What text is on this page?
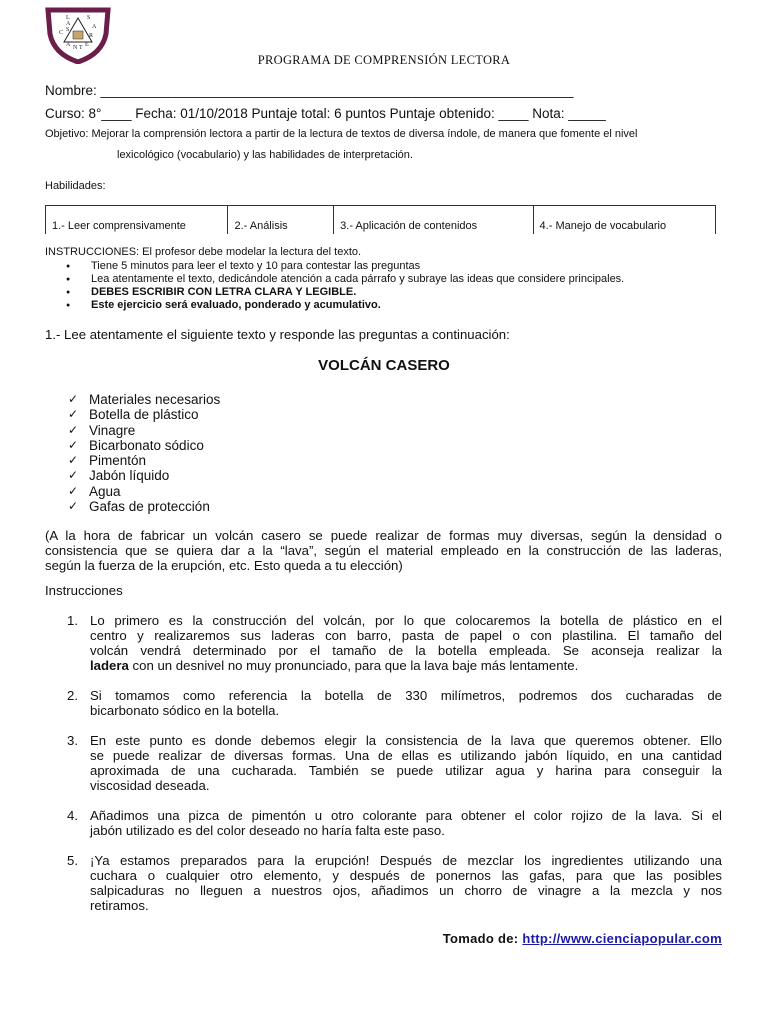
L
A
S
C
S
A
R
A N T E
PROGRAMA DE COMPRENSIÓN LECTORA
Nombre: _______________________________________________________________
Curso: 8°____ Fecha: 01/10/2018 Puntaje total: 6 puntos Puntaje obtenido: ____ Nota: _____
Objetivo: Mejorar la comprensión lectora a partir de la lectura de textos de diversa índole, de manera que fomente el nivel
lexicológico (vocabulario) y las habilidades de interpretación.
Habilidades:
1.- Leer comprensivamente	2.- Análisis	3.- Aplicación de contenidos	4.- Manejo de vocabulario
INSTRUCCIONES: El profesor debe modelar la lectura del texto.
● Tiene 5 minutos para leer el texto y 10 para contestar las preguntas
● Lea atentamente el texto, dedicándole atención a cada párrafo y subraye las ideas que considere principales.
● DEBES ESCRIBIR CON LETRA CLARA Y LEGIBLE.
● Este ejercicio será evaluado, ponderado y acumulativo.
1.- Lee atentamente el siguiente texto y responde las preguntas a continuación:
VOLCÁN CASERO
✓ Materiales necesarios
✓ Botella de plástico
✓ Vinagre
✓ Bicarbonato sódico
✓ Pimentón
✓ Jabón líquido
✓ Agua
✓ Gafas de protección
(A la hora de fabricar un volcán casero se puede realizar de formas muy diversas, según la densidad o
consistencia que se quiera dar a la “lava”, según el material empleado en la construcción de las laderas,
según la fuerza de la erupción, etc. Esto queda a tu elección)
Instrucciones
1. Lo primero es la construcción del volcán, por lo que colocaremos la botella de plástico en el
centro y realizaremos sus laderas con barro, pasta de papel o con plastilina. El tamaño del
volcán vendrá determinado por el tamaño de la botella empleada. Se aconseja realizar la
ladera con un desnivel no muy pronunciado, para que la lava baje más lentamente.
2. Si tomamos como referencia la botella de 330 milímetros, podremos dos cucharadas de
bicarbonato sódico en la botella.
3. En este punto es donde debemos elegir la consistencia de la lava que queremos obtener. Ello
se puede realizar de diversas formas. Una de ellas es utilizando jabón líquido, en una cantidad
aproximada de una cucharada. También se puede utilizar agua y harina para conseguir la
viscosidad deseada.
4. Añadimos una pizca de pimentón u otro colorante para obtener el color rojizo de la lava. Si el
jabón utilizado es del color deseado no haría falta este paso.
5. ¡Ya estamos preparados para la erupción! Después de mezclar los ingredientes utilizando una
cuchara o cualquier otro elemento, y después de ponernos las gafas, para que las posibles
salpicaduras no lleguen a nuestros ojos, añadimos un chorro de vinagre a la mezcla y nos
retiramos.
Tomado de: http://www.cienciapopular.com
